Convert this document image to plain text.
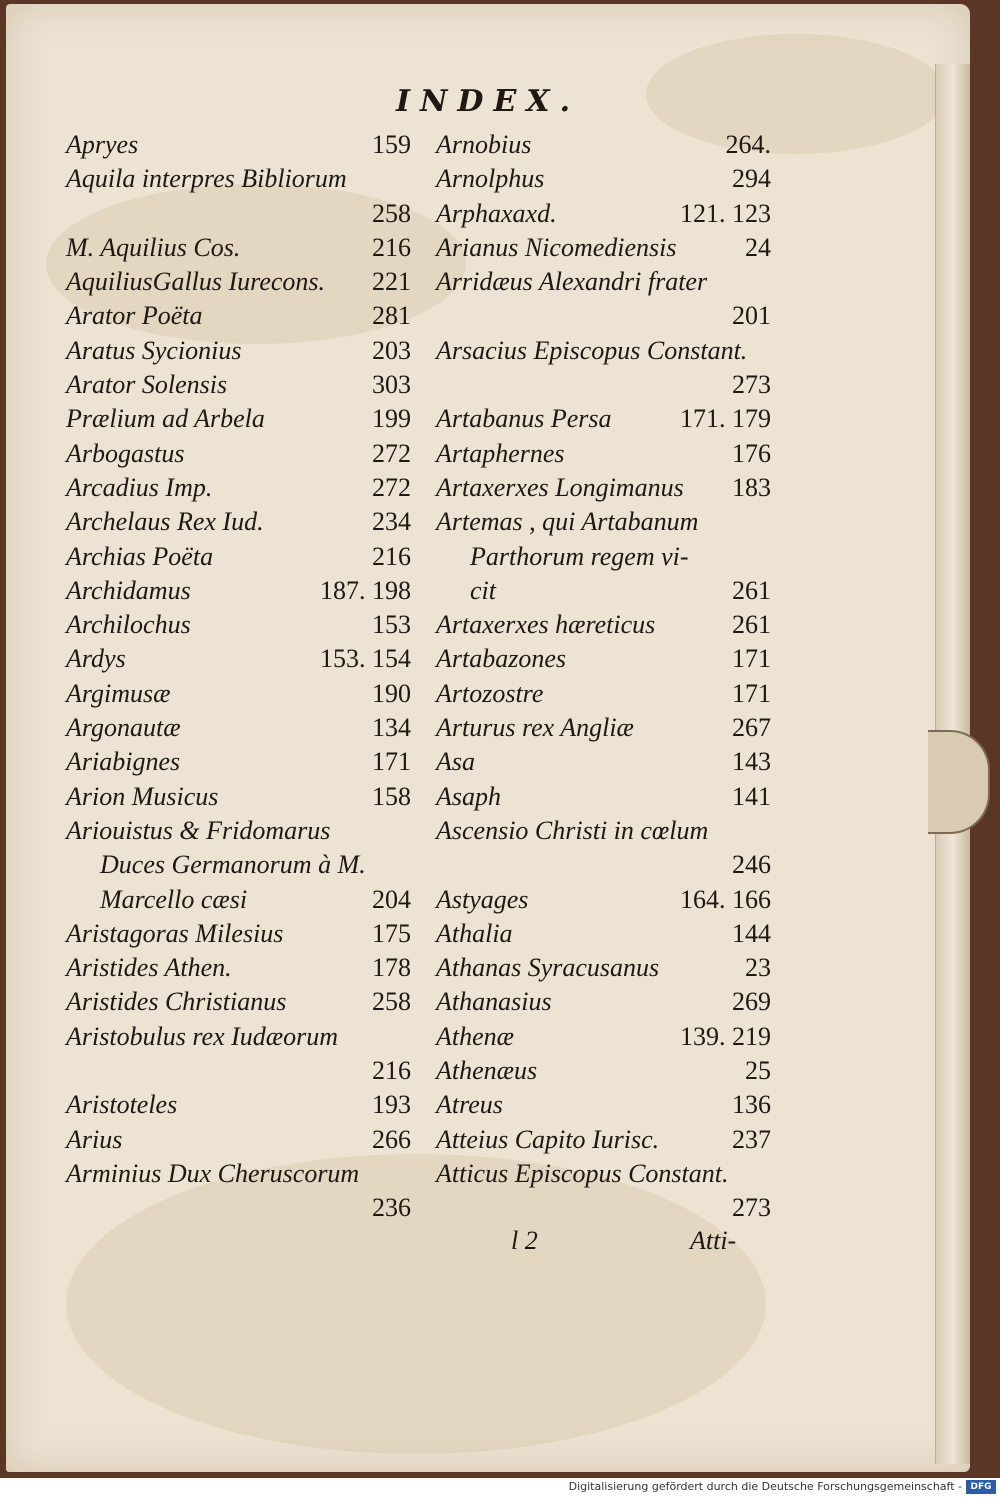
INDEX.
Apryes	159
Aquila interpres Bibliorum
258
M. Aquilius Cos.	216
AquiliusGallus Iurecons. 221
Arator Poëta	281
Aratus Sycionius	203
Arator Solensis	303
Prælium ad Arbela	199
Arbogastus	272
Arcadius Imp.	272
Archelaus Rex Iud.	234
Archias Poëta	216
Archidamus	187. 198
Archilochus	153
Ardys	153. 154
Argimusæ	190
Argonautæ	134
Ariabignes	171
Arion Musicus	158
Ariouistus & Fridomarus
Duces Germanorum à M.
Marcello cæsi	204
Aristagoras Milesius	175
Aristides Athen.	178
Aristides Christianus	258
Aristobulus rex Iudæorum
216
Aristoteles	193
Arius	266
Arminius Dux Cheruscorum
236
Arnobius	264.
Arnolphus	294
Arphaxaxd.	121. 123
Arianus Nicomediensis	24
Arridæus Alexandri frater
201
Arsacius Episcopus Constant.
273
Artabanus Persa	171. 179
Artaphernes	176
Artaxerxes Longimanus 183
Artemas , qui Artabanum
Parthorum regem vi-
cit	261
Artaxerxes hæreticus	261
Artabazones	171
Artozostre	171
Arturus rex Angliæ	267
Asa	143
Asaph	141
Ascensio Christi in cœlum
246
Astyages	164. 166
Athalia	144
Athanas Syracusanus	23
Athanasius	269
Athenæ	139. 219
Athenæus	25
Atreus	136
Atteius Capito Iurisc.	237
Atticus Episcopus Constant.
273
l 2	Atti-
Digitalisierung gefördert durch die Deutsche Forschungsgemeinschaft - DFG
